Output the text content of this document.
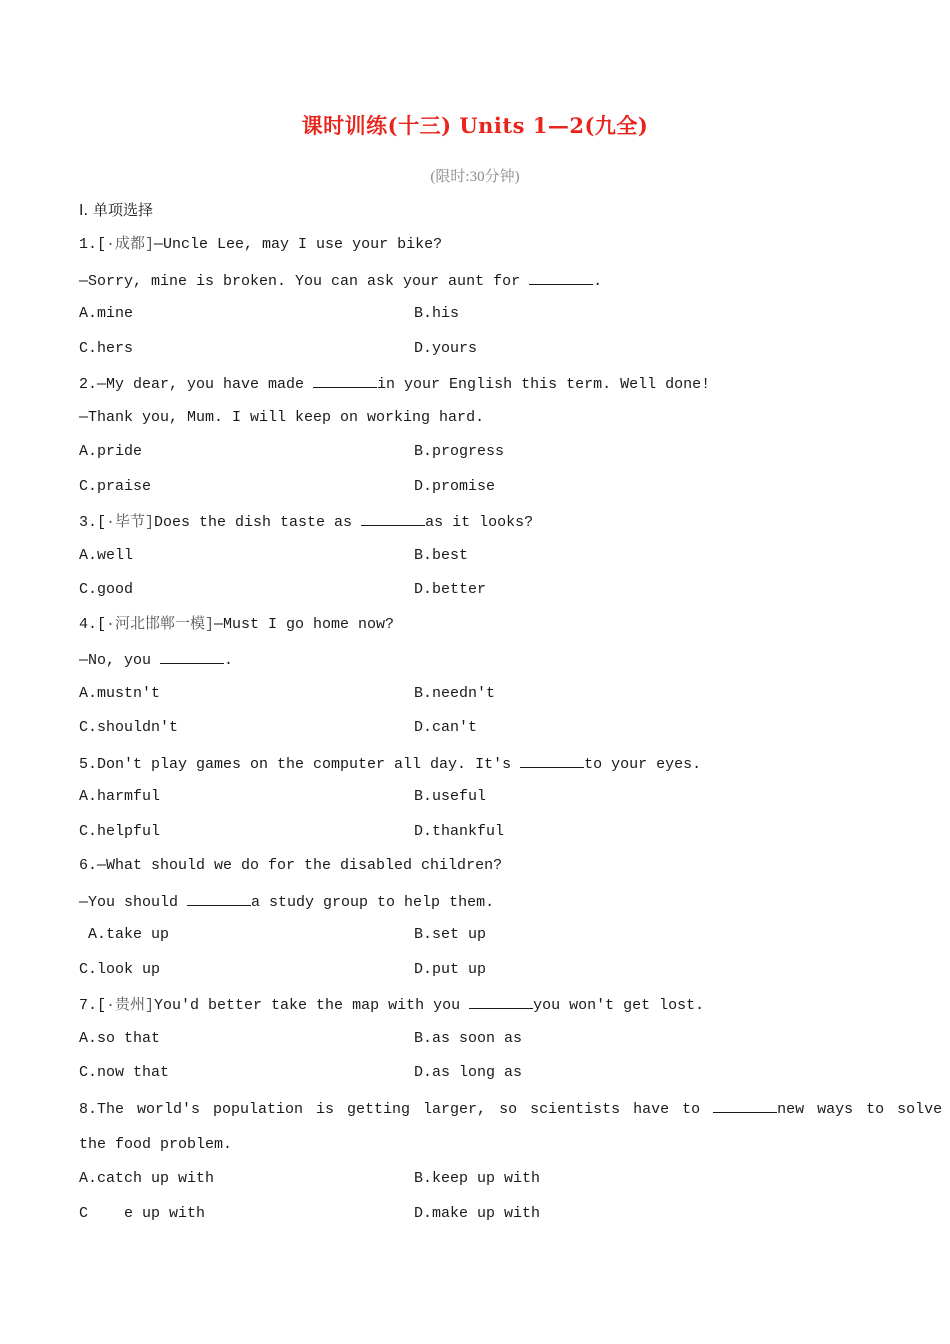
课时训练(十三) Units 1—2(九全)
(限时:30分钟)
Ⅰ. 单项选择
1.[·成都]—Uncle Lee, may I use your bike?
—Sorry, mine is broken. You can ask your aunt for	.
A.mine	B.his
C.hers	D.yours
2.—My dear, you have made	in your English this term. Well done!
—Thank you, Mum. I will keep on working hard.
A.pride	B.progress
C.praise	D.promise
3.[·毕节]Does the dish taste as	as it looks?
A.well	B.best
C.good	D.better
4.[·河北邯郸一模]—Must I go home now?
—No, you	.
A.mustn't	B.needn't
C.shouldn't	D.can't
5.Don't play games on the computer all day. It's	to your eyes.
A.harmful	B.useful
C.helpful	D.thankful
6.—What should we do for the disabled children?
—You should	a study group to help them.
A.take up	B.set up
C.look up	D.put up
7.[·贵州]You'd better take the map with you	you won't get lost.
A.so that	B.as soon as
C.now that	D.as long as
8.The world's population is getting larger, so scientists have to	new ways to solve
the food problem.
A.catch up with	B.keep up with
C    e up with	D.make up with
